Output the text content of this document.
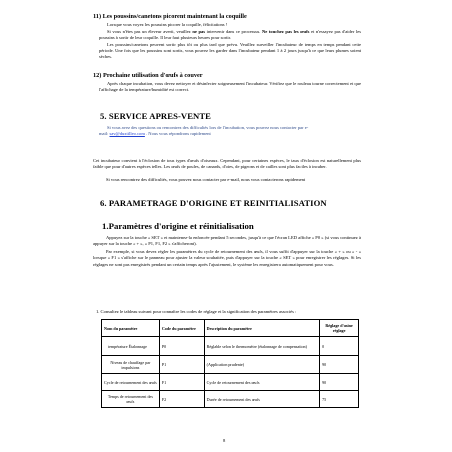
11) Les poussins/canetons picorent maintenant la coquille
Lorsque vous voyez les poussins picorer la coquille, félicitations !
Si vous n'êtes pas un éleveur averti, veuillez ne pas intervenir dans ce processus. Ne touchez pas les œufs et n'essayez pas d'aider les poussins à sortir de leur coquille. Il leur faut plusieurs heures pour sortir.
Les poussins/canetons peuvent sortir plus tôt ou plus tard que prévu. Veuillez surveiller l'incubateur de temps en temps pendant cette période. Une fois que les poussins sont sortis, vous pouvez les garder dans l'incubateur pendant 1 à 2 jours jusqu'à ce que leurs plumes soient sèches.
12) Prochaine utilisation d'œufs à couver
Après chaque incubation, vous devez nettoyer et désinfecter soigneusement l'incubateur. Vérifiez que le rouleau tourne correctement et que l'affichage de la température/humidité est correct.
5. SERVICE APRES-VENTE
Si vous avez des questions ou rencontrez des difficultés lors de l'incubation, vous pouvez nous contacter par e-
mail: sav@duxtilleo.com . Nous vous répondrons rapidement
Cet incubateur convient à l'éclosion de tous types d'œufs d'oiseaux. Cependant, pour certaines espèces, le taux d'éclosion est naturellement plus faible que pour d'autres espèces telles. Les œufs de poules, de canards, d'oies, de pigeons et de cailles sont plus faciles à incuber.
Si vous rencontrez des difficultés, vous pouvez nous contacter par e-mail, nous vous contacterons rapidement
6. PARAMETRAGE D'ORIGINE ET REINITIALISATION
1.Paramètres d'origine et réinitialisation
Appuyez sur la touche « SET » et maintenez-la enfoncée pendant 5 secondes, jusqu'à ce que l'écran LED affiche « P0 » (si vous continuez à appuyer sur la touche « + », « P1, F1, F2 » s'afficheront).
Par exemple, si vous devez régler les paramètres du cycle de retournement des œufs, il vous suffit d'appuyer sur la touche « + » ou « - » lorsque « F1 » s'affiche sur le panneau pour ajuster la valeur souhaitée, puis d'appuyer sur la touche « SET » pour enregistrer les réglages. Si les réglages ne sont pas enregistrés pendant un certain temps après l'ajustement, le système les enregistrera automatiquement pour vous.
1. Consultez le tableau suivant pour connaître les codes de réglage et la signification des paramètres associés :
Nom du paramètre	Code du paramètre	Description du paramètre	Réglage d'usine réglage
température Étalonnage	P0	Réglable selon le thermomètre (étalonnage de compensation)	0
Niveau de chauffage par impulsions	P1	(Application prudente)	90
Cycle de retournement des œufs	F1	Cycle de retournement des œufs	90
Temps de retournement des œufs	F2	Durée de retournement des œufs	75
8
